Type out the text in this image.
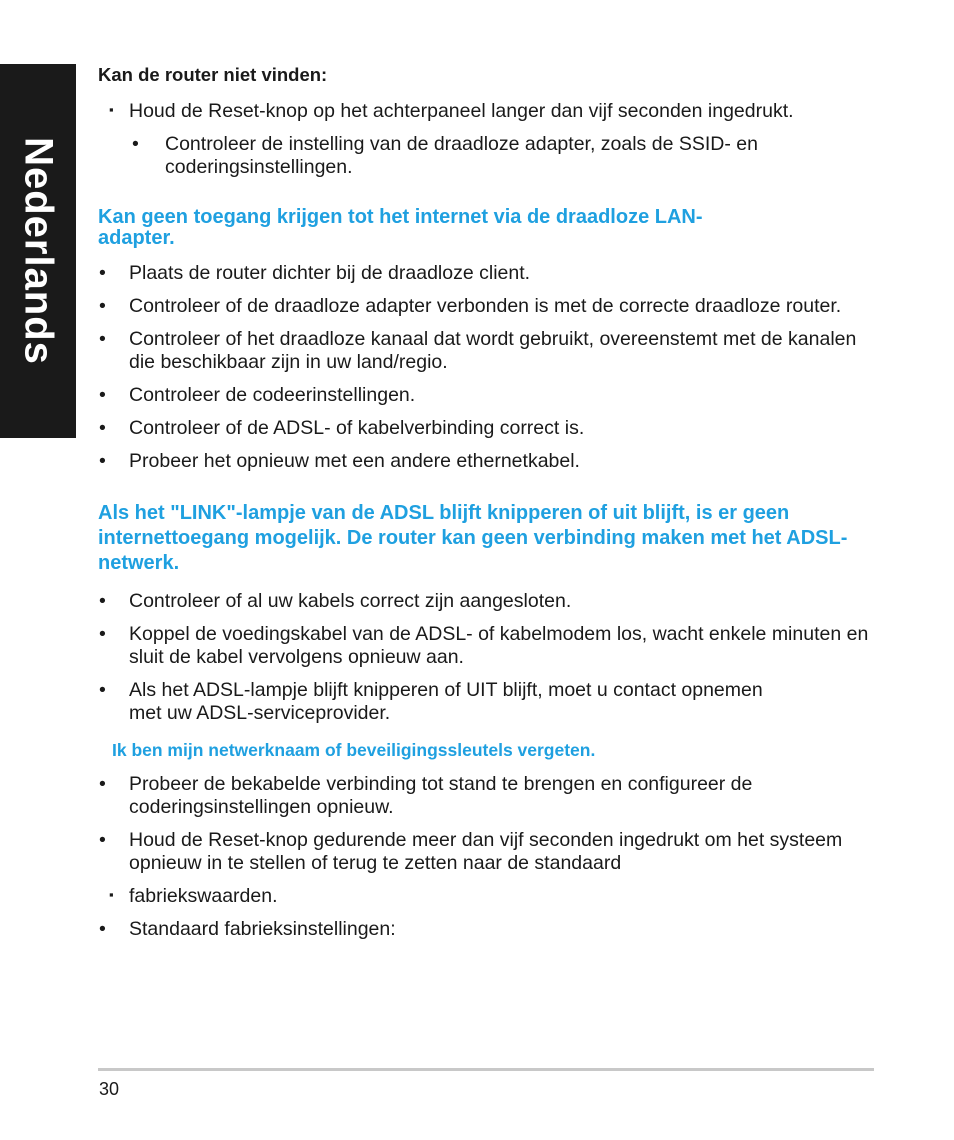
Nederlands
Kan de router niet vinden:
▪ Houd de Reset-knop op het achterpaneel langer dan vijf seconden ingedrukt.
•	Controleer de instelling van de draadloze adapter, zoals de SSID- en coderingsinstellingen.
Kan geen toegang krijgen tot het internet via de draadloze LAN-adapter.
•	Plaats de router dichter bij de draadloze client.
•	Controleer of de draadloze adapter verbonden is met de correcte draadloze router.
•	Controleer of het draadloze kanaal dat wordt gebruikt, overeenstemt met de kanalen die beschikbaar zijn in uw land/regio.
•	Controleer de codeerinstellingen.
•	Controleer of de ADSL- of kabelverbinding correct is.
•	Probeer het opnieuw met een andere ethernetkabel.
Als het "LINK"-lampje van de ADSL blijft knipperen of uit blijft, is er geen internettoegang mogelijk. De router kan geen verbinding maken met het ADSL-netwerk.
•	Controleer of al uw kabels correct zijn aangesloten.
•	Koppel de voedingskabel van de ADSL- of kabelmodem los, wacht enkele minuten en sluit de kabel vervolgens opnieuw aan.
•	Als het ADSL-lampje blijft knipperen of UIT blijft, moet u contact opnemen met uw ADSL-serviceprovider.
Ik ben mijn netwerknaam of beveiligingssleutels vergeten.
•	Probeer de bekabelde verbinding tot stand te brengen en configureer de coderingsinstellingen opnieuw.
•	Houd de Reset-knop gedurende meer dan vijf seconden ingedrukt om het systeem opnieuw in te stellen of terug te zetten naar de standaard
▪ fabriekswaarden.
•	Standaard fabrieksinstellingen:
30
